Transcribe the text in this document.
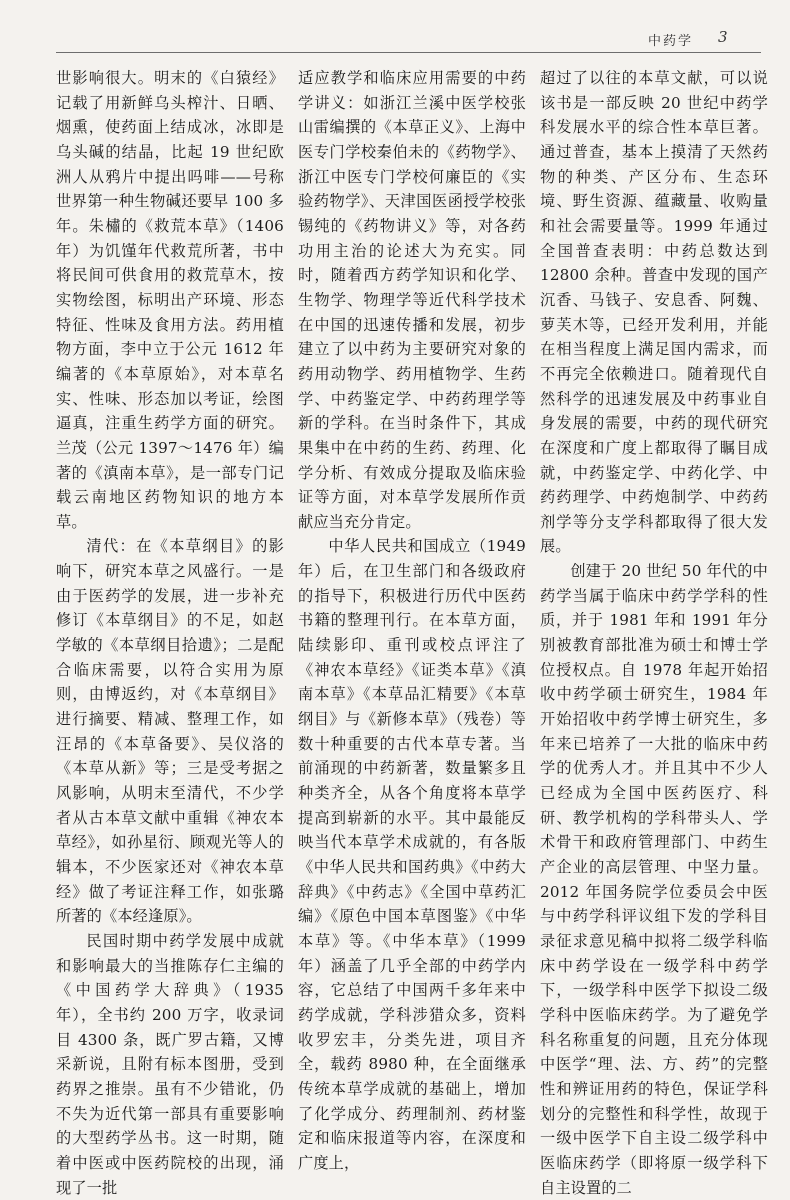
中药学 3

世影响很大。明末的《白猿经》记载了用新鲜乌头榨汁、日晒、烟熏，使药面上结成冰，冰即是乌头碱的结晶，比起 19 世纪欧洲人从鸦片中提出吗啡——号称世界第一种生物碱还要早 100 多年。朱橚的《救荒本草》（1406 年）为饥馑年代救荒所著，书中将民间可供食用的救荒草木，按实物绘图，标明出产环境、形态特征、性味及食用方法。药用植物方面，李中立于公元 1612 年编著的《本草原始》，对本草名实、性味、形态加以考证，绘图逼真，注重生药学方面的研究。兰茂（公元 1397～1476 年）编著的《滇南本草》，是一部专门记载云南地区药物知识的地方本草。

清代：在《本草纲目》的影响下，研究本草之风盛行。一是由于医药学的发展，进一步补充修订《本草纲目》的不足，如赵学敏的《本草纲目拾遗》；二是配合临床需要，以符合实用为原则，由博返约，对《本草纲目》进行摘要、精减、整理工作，如汪昂的《本草备要》、吴仪洛的《本草从新》等；三是受考据之风影响，从明末至清代，不少学者从古本草文献中重辑《神农本草经》，如孙星衍、顾观光等人的辑本，不少医家还对《神农本草经》做了考证注释工作，如张璐所著的《本经逢原》。

民国时期中药学发展中成就和影响最大的当推陈存仁主编的《中国药学大辞典》（1935 年），全书约 200 万字，收录词目 4300 条，既广罗古籍，又博采新说，且附有标本图册，受到药界之推崇。虽有不少错讹，仍不失为近代第一部具有重要影响的大型药学丛书。这一时期，随着中医或中医药院校的出现，涌现了一批

适应教学和临床应用需要的中药学讲义：如浙江兰溪中医学校张山雷编撰的《本草正义》、上海中医专门学校秦伯未的《药物学》、浙江中医专门学校何廉臣的《实验药物学》、天津国医函授学校张锡纯的《药物讲义》等，对各药功用主治的论述大为充实。同时，随着西方药学知识和化学、生物学、物理学等近代科学技术在中国的迅速传播和发展，初步建立了以中药为主要研究对象的药用动物学、药用植物学、生药学、中药鉴定学、中药药理学等新的学科。在当时条件下，其成果集中在中药的生药、药理、化学分析、有效成分提取及临床验证等方面，对本草学发展所作贡献应当充分肯定。

中华人民共和国成立（1949 年）后，在卫生部门和各级政府的指导下，积极进行历代中医药书籍的整理刊行。在本草方面，陆续影印、重刊或校点评注了《神农本草经》《证类本草》《滇南本草》《本草品汇精要》《本草纲目》与《新修本草》（残卷）等数十种重要的古代本草专著。当前涌现的中药新著，数量繁多且种类齐全，从各个角度将本草学提高到崭新的水平。其中最能反映当代本草学术成就的，有各版《中华人民共和国药典》《中药大辞典》《中药志》《全国中草药汇编》《原色中国本草图鉴》《中华本草》等。《中华本草》（1999 年）涵盖了几乎全部的中药学内容，它总结了中国两千多年来中药学成就，学科涉猎众多，资料收罗宏丰，分类先进，项目齐全，载药 8980 种，在全面继承传统本草学成就的基础上，增加了化学成分、药理制剂、药材鉴定和临床报道等内容，在深度和广度上，

超过了以往的本草文献，可以说该书是一部反映 20 世纪中药学科发展水平的综合性本草巨著。通过普查，基本上摸清了天然药物的种类、产区分布、生态环境、野生资源、蕴藏量、收购量和社会需要量等。1999 年通过全国普查表明：中药总数达到 12800 余种。普查中发现的国产沉香、马钱子、安息香、阿魏、萝芙木等，已经开发利用，并能在相当程度上满足国内需求，而不再完全依赖进口。随着现代自然科学的迅速发展及中药事业自身发展的需要，中药的现代研究在深度和广度上都取得了瞩目成就，中药鉴定学、中药化学、中药药理学、中药炮制学、中药药剂学等分支学科都取得了很大发展。

创建于 20 世纪 50 年代的中药学当属于临床中药学学科的性质，并于 1981 年和 1991 年分别被教育部批准为硕士和博士学位授权点。自 1978 年起开始招收中药学硕士研究生，1984 年开始招收中药学博士研究生，多年来已培养了一大批的临床中药学的优秀人才。并且其中不少人已经成为全国中医药医疗、科研、教学机构的学科带头人、学术骨干和政府管理部门、中药生产企业的高层管理、中坚力量。2012 年国务院学位委员会中医与中药学科评议组下发的学科目录征求意见稿中拟将二级学科临床中药学设在一级学科中药学下，一级学科中医学下拟设二级学科中医临床药学。为了避免学科名称重复的问题，且充分体现中医学“理、法、方、药”的完整性和辨证用药的特色，保证学科划分的完整性和科学性，故现于一级中医学下自主设二级学科中医临床药学（即将原一级学科下自主设置的二
